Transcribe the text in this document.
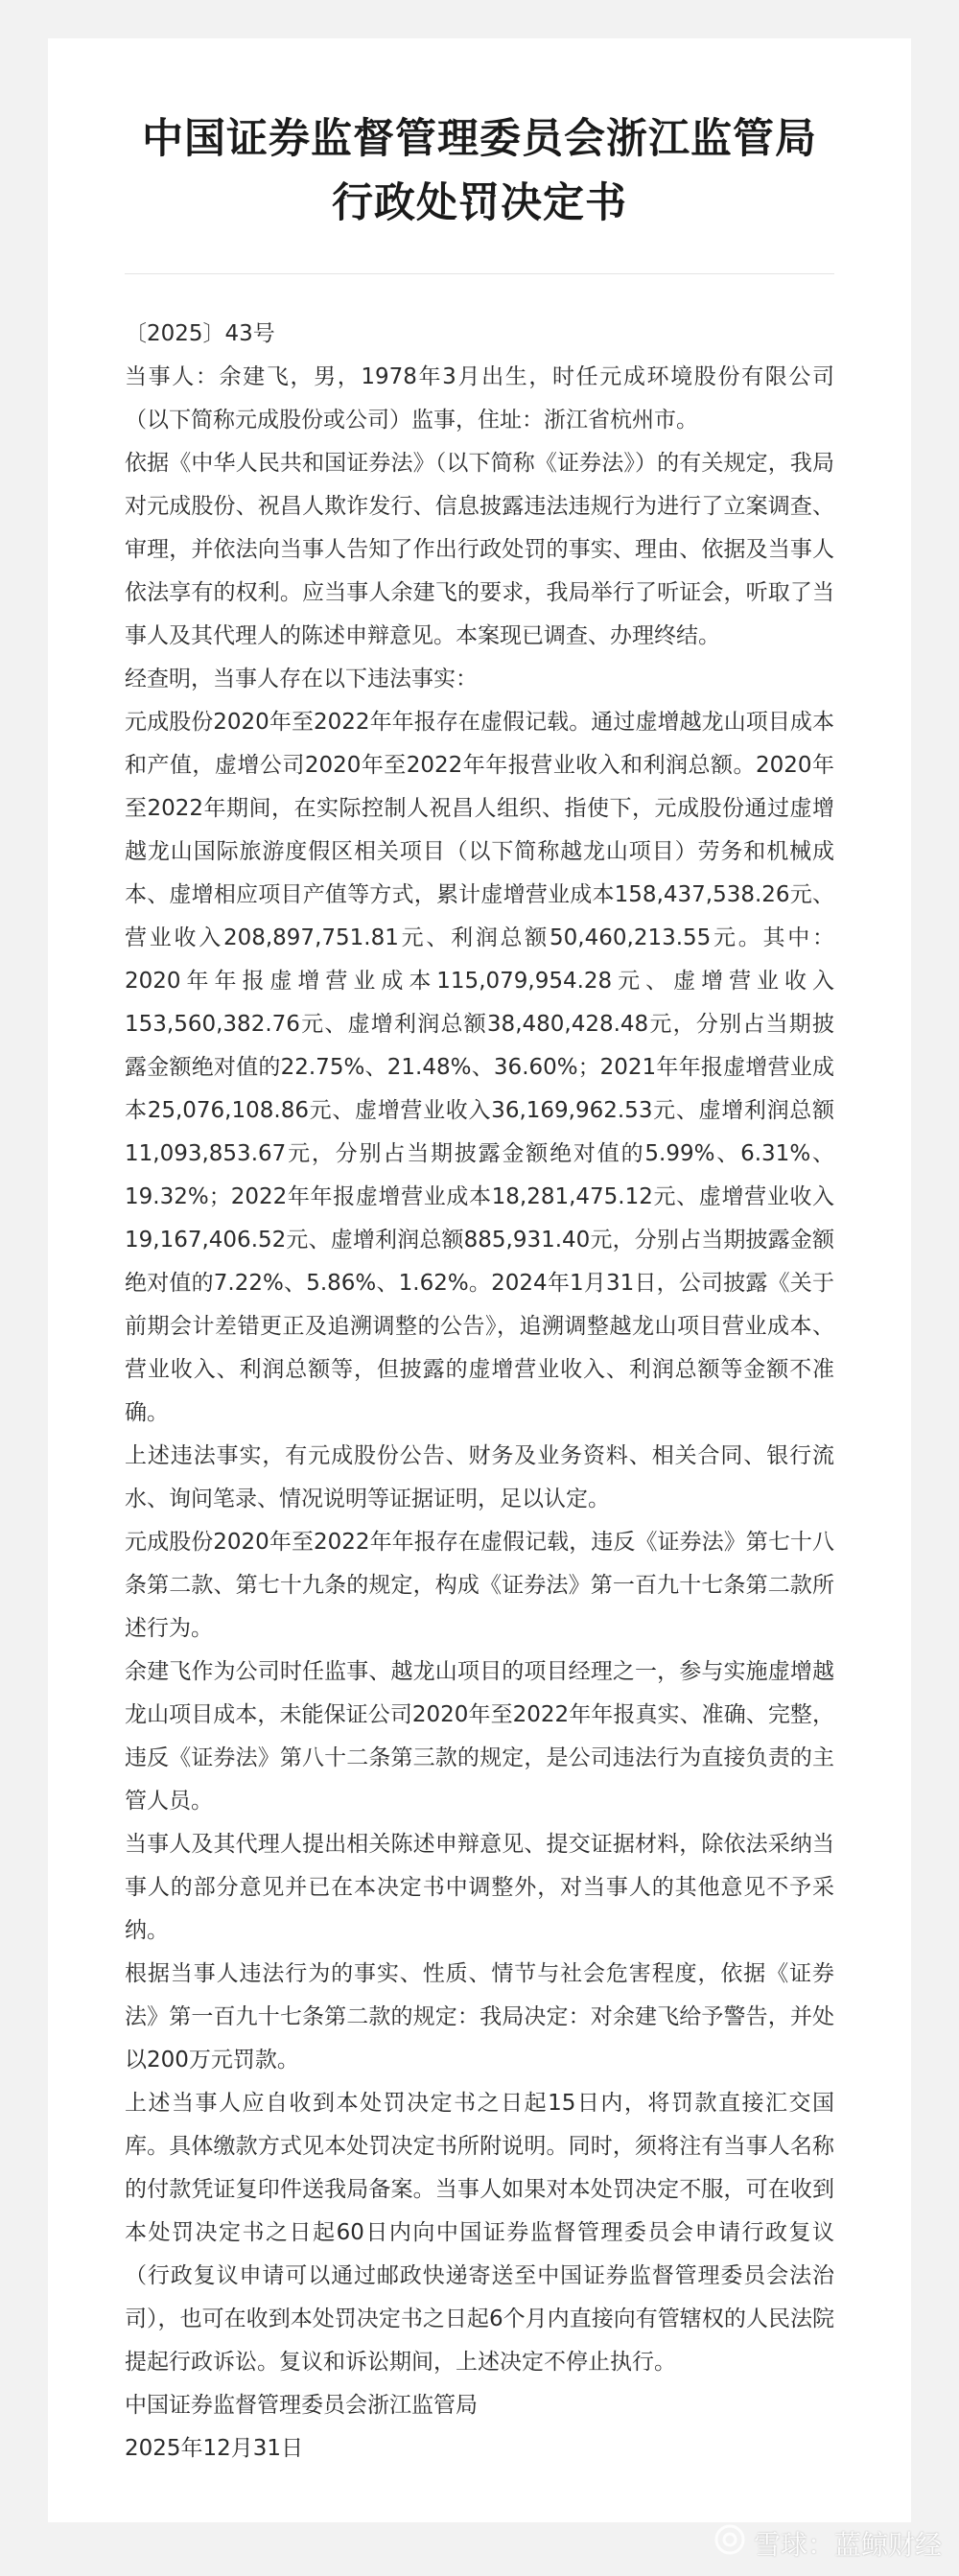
中国证券监督管理委员会浙江监管局
行政处罚决定书

〔2025〕43号

当事人：余建飞，男，1978年3月出生，时任元成环境股份有限公司（以下简称元成股份或公司）监事，住址：浙江省杭州市。

依据《中华人民共和国证券法》（以下简称《证券法》）的有关规定，我局对元成股份、祝昌人欺诈发行、信息披露违法违规行为进行了立案调查、审理，并依法向当事人告知了作出行政处罚的事实、理由、依据及当事人依法享有的权利。应当事人余建飞的要求，我局举行了听证会，听取了当事人及其代理人的陈述申辩意见。本案现已调查、办理终结。

经查明，当事人存在以下违法事实：

元成股份2020年至2022年年报存在虚假记载。通过虚增越龙山项目成本和产值，虚增公司2020年至2022年年报营业收入和利润总额。2020年至2022年期间，在实际控制人祝昌人组织、指使下，元成股份通过虚增越龙山国际旅游度假区相关项目（以下简称越龙山项目）劳务和机械成本、虚增相应项目产值等方式，累计虚增营业成本158,437,538.26元、营业收入208,897,751.81元、利润总额50,460,213.55元。其中：2020年年报虚增营业成本115,079,954.28元、虚增营业收入153,560,382.76元、虚增利润总额38,480,428.48元，分别占当期披露金额绝对值的22.75%、21.48%、36.60%；2021年年报虚增营业成本25,076,108.86元、虚增营业收入36,169,962.53元、虚增利润总额11,093,853.67元，分别占当期披露金额绝对值的5.99%、6.31%、19.32%；2022年年报虚增营业成本18,281,475.12元、虚增营业收入19,167,406.52元、虚增利润总额885,931.40元，分别占当期披露金额绝对值的7.22%、5.86%、1.62%。2024年1月31日，公司披露《关于前期会计差错更正及追溯调整的公告》，追溯调整越龙山项目营业成本、营业收入、利润总额等，但披露的虚增营业收入、利润总额等金额不准确。

上述违法事实，有元成股份公告、财务及业务资料、相关合同、银行流水、询问笔录、情况说明等证据证明，足以认定。

元成股份2020年至2022年年报存在虚假记载，违反《证券法》第七十八条第二款、第七十九条的规定，构成《证券法》第一百九十七条第二款所述行为。

余建飞作为公司时任监事、越龙山项目的项目经理之一，参与实施虚增越龙山项目成本，未能保证公司2020年至2022年年报真实、准确、完整，违反《证券法》第八十二条第三款的规定，是公司违法行为直接负责的主管人员。

当事人及其代理人提出相关陈述申辩意见、提交证据材料，除依法采纳当事人的部分意见并已在本决定书中调整外，对当事人的其他意见不予采纳。

根据当事人违法行为的事实、性质、情节与社会危害程度，依据《证券法》第一百九十七条第二款的规定：我局决定：对余建飞给予警告，并处以200万元罚款。

上述当事人应自收到本处罚决定书之日起15日内，将罚款直接汇交国库。具体缴款方式见本处罚决定书所附说明。同时，须将注有当事人名称的付款凭证复印件送我局备案。当事人如果对本处罚决定不服，可在收到本处罚决定书之日起60日内向中国证券监督管理委员会申请行政复议（行政复议申请可以通过邮政快递寄送至中国证券监督管理委员会法治司），也可在收到本处罚决定书之日起6个月内直接向有管辖权的人民法院提起行政诉讼。复议和诉讼期间，上述决定不停止执行。

中国证券监督管理委员会浙江监管局

2025年12月31日

雪球：蓝鲸财经
